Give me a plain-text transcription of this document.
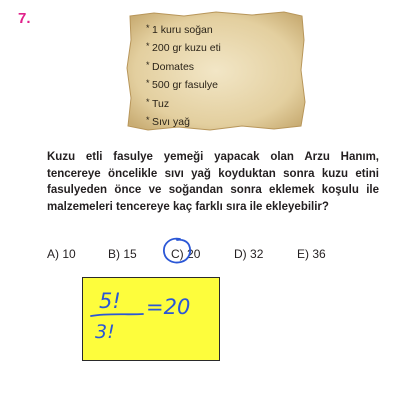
7.
* 1 kuru soğan
* 200 gr kuzu eti
* Domates
* 500 gr fasulye
* Tuz
* Sıvı yağ

Kuzu etli fasulye yemeği yapacak olan Arzu Hanım, tencereye öncelikle sıvı yağ koyduktan sonra kuzu etini fasulyeden önce ve soğandan sonra eklemek koşulu ile malzemeleri tencereye kaç farklı sıra ile ekleyebilir?

A) 10	B) 15	C) 20	D) 32	E) 36
5!
3!
=20
